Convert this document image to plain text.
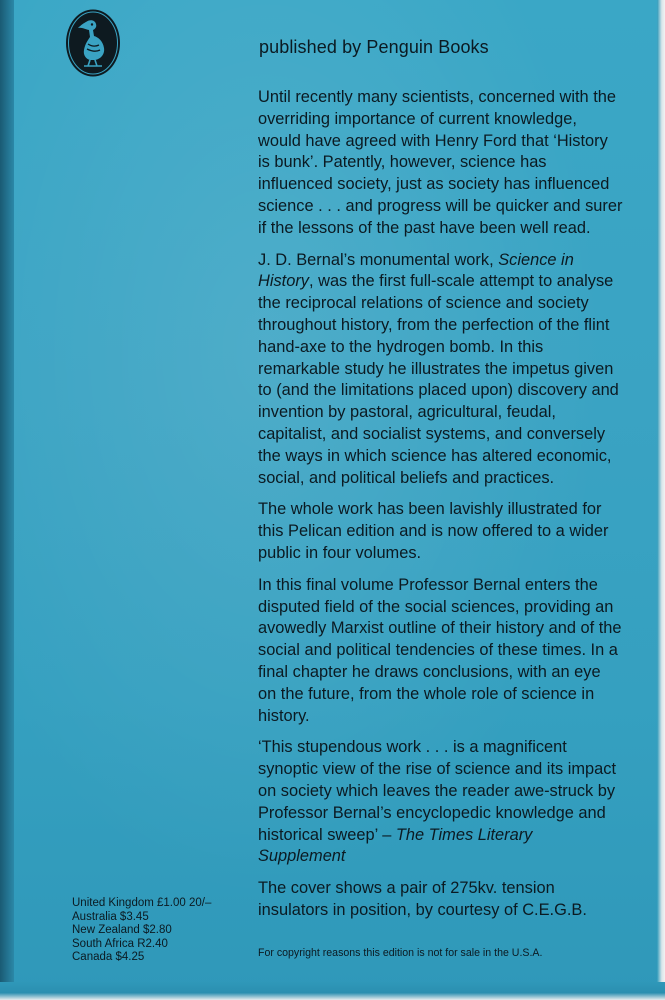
published by Penguin Books

Until recently many scientists, concerned with the overriding importance of current knowledge, would have agreed with Henry Ford that ‘History is bunk’. Patently, however, science has influenced society, just as society has influenced science . . . and progress will be quicker and surer if the lessons of the past have been well read.

J. D. Bernal’s monumental work, Science in History, was the first full-scale attempt to analyse the reciprocal relations of science and society throughout history, from the perfection of the flint hand-axe to the hydrogen bomb. In this remarkable study he illustrates the impetus given to (and the limitations placed upon) discovery and invention by pastoral, agricultural, feudal, capitalist, and socialist systems, and conversely the ways in which science has altered economic, social, and political beliefs and practices.

The whole work has been lavishly illustrated for this Pelican edition and is now offered to a wider public in four volumes.

In this final volume Professor Bernal enters the disputed field of the social sciences, providing an avowedly Marxist outline of their history and of the social and political tendencies of these times. In a final chapter he draws conclusions, with an eye on the future, from the whole role of science in history.

‘This stupendous work . . . is a magnificent synoptic view of the rise of science and its impact on society which leaves the reader awe-struck by Professor Bernal’s encyclopedic knowledge and historical sweep’ – The Times Literary Supplement

The cover shows a pair of 275kv. tension insulators in position, by courtesy of C.E.G.B.

United Kingdom £1.00 20/–
Australia $3.45
New Zealand $2.80
South Africa R2.40
Canada $4.25	For copyright reasons this edition is not for sale in the U.S.A.
